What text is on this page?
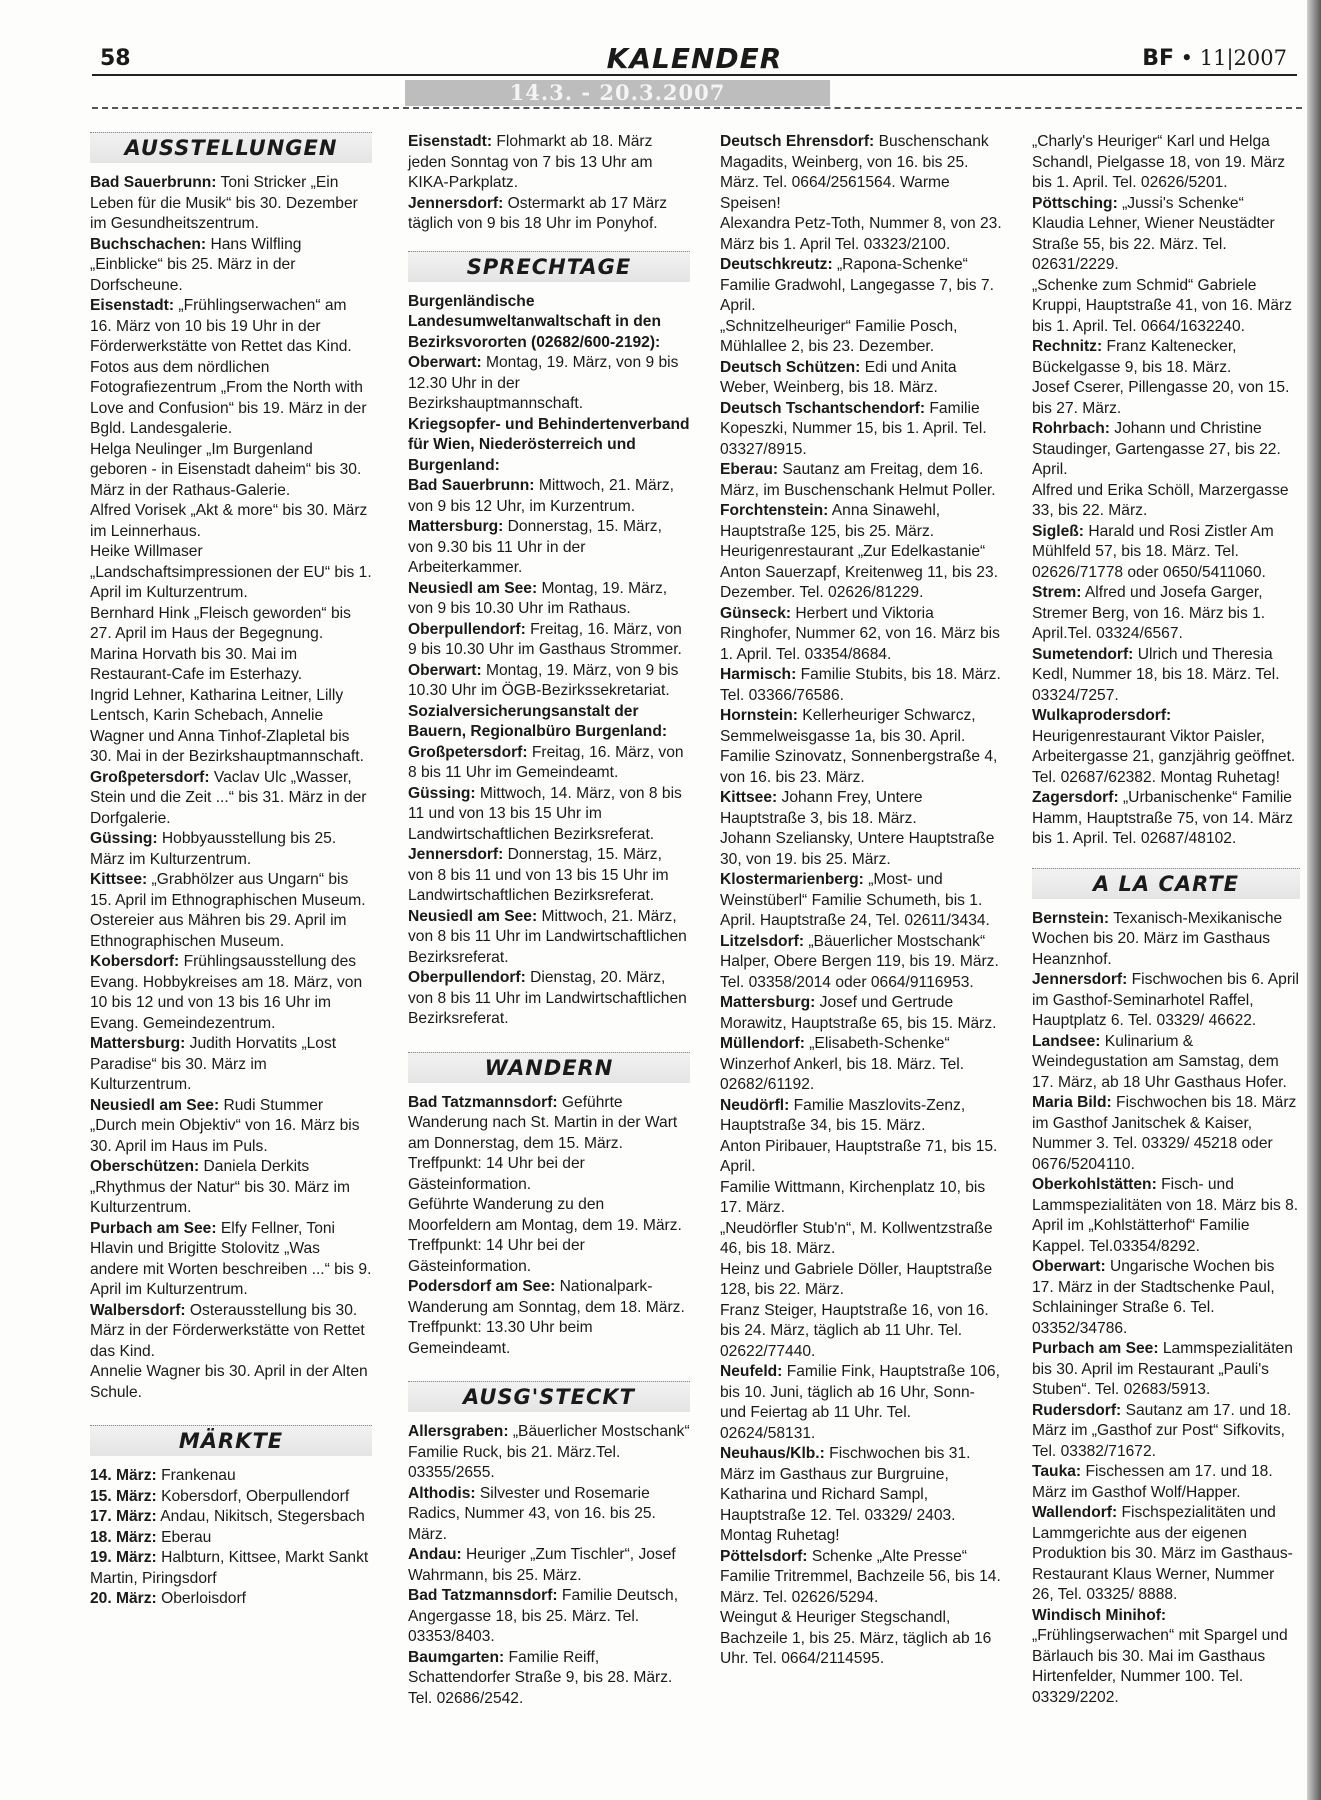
58	KALENDER	BF • 11|2007
14.3. - 20.3.2007
AUSSTELLUNGEN

Bad Sauerbrunn: Toni Stricker „Ein Leben für die Musik“ bis 30. Dezember im Gesundheitszentrum.

Buchschachen: Hans Wilfling „Einblicke“ bis 25. März in der Dorfscheune.

Eisenstadt: „Frühlingserwachen“ am 16. März von 10 bis 19 Uhr in der Förderwerkstätte von Rettet das Kind.

Fotos aus dem nördlichen Fotografiezentrum „From the North with Love and Confusion“ bis 19. März in der Bgld. Landesgalerie.

Helga Neulinger „Im Burgenland geboren - in Eisenstadt daheim“ bis 30. März in der Rathaus-Galerie.

Alfred Vorisek „Akt & more“ bis 30. März im Leinnerhaus.

Heike Willmaser „Landschaftsimpressionen der EU“ bis 1. April im Kulturzentrum.

Bernhard Hink „Fleisch geworden“ bis 27. April im Haus der Begegnung.

Marina Horvath bis 30. Mai im Restaurant-Cafe im Esterhazy.

Ingrid Lehner, Katharina Leitner, Lilly Lentsch, Karin Schebach, Annelie Wagner und Anna Tinhof-Zlapletal bis 30. Mai in der Bezirkshauptmannschaft.

Großpetersdorf: Vaclav Ulc „Wasser, Stein und die Zeit ...“ bis 31. März in der Dorfgalerie.

Güssing: Hobbyausstellung bis 25. März im Kulturzentrum.

Kittsee: „Grabhölzer aus Ungarn“ bis 15. April im Ethnographischen Museum.

Ostereier aus Mähren bis 29. April im Ethnographischen Museum.

Kobersdorf: Frühlingsausstellung des Evang. Hobbykreises am 18. März, von 10 bis 12 und von 13 bis 16 Uhr im Evang. Gemeindezentrum.

Mattersburg: Judith Horvatits „Lost Paradise“ bis 30. März im Kulturzentrum.

Neusiedl am See: Rudi Stummer „Durch mein Objektiv“ von 16. März bis 30. April im Haus im Puls.

Oberschützen: Daniela Derkits „Rhythmus der Natur“ bis 30. März im Kulturzentrum.

Purbach am See: Elfy Fellner, Toni Hlavin und Brigitte Stolovitz „Was andere mit Worten beschreiben ...“ bis 9. April im Kulturzentrum.

Walbersdorf: Osterausstellung bis 30. März in der Förderwerkstätte von Rettet das Kind.

Annelie Wagner bis 30. April in der Alten Schule.

MÄRKTE

14. März: Frankenau

15. März: Kobersdorf, Oberpullendorf

17. März: Andau, Nikitsch, Stegersbach

18. März: Eberau

19. März: Halbturn, Kittsee, Markt Sankt Martin, Piringsdorf

20. März: Oberloisdorf

Eisenstadt: Flohmarkt ab 18. März jeden Sonntag von 7 bis 13 Uhr am KIKA-Parkplatz.

Jennersdorf: Ostermarkt ab 17 März täglich von 9 bis 18 Uhr im Ponyhof.

SPRECHTAGE

Burgenländische Landesumweltanwaltschaft in den Bezirksvororten (02682/600-2192):

Oberwart: Montag, 19. März, von 9 bis 12.30 Uhr in der Bezirkshauptmannschaft.

Kriegsopfer- und Behindertenverband für Wien, Niederösterreich und Burgenland:

Bad Sauerbrunn: Mittwoch, 21. März, von 9 bis 12 Uhr, im Kurzentrum.

Mattersburg: Donnerstag, 15. März, von 9.30 bis 11 Uhr in der Arbeiterkammer.

Neusiedl am See: Montag, 19. März, von 9 bis 10.30 Uhr im Rathaus.

Oberpullendorf: Freitag, 16. März, von 9 bis 10.30 Uhr im Gasthaus Strommer.

Oberwart: Montag, 19. März, von 9 bis 10.30 Uhr im ÖGB-Bezirkssekretariat.

Sozialversicherungsanstalt der Bauern, Regionalbüro Burgenland:

Großpetersdorf: Freitag, 16. März, von 8 bis 11 Uhr im Gemeindeamt.

Güssing: Mittwoch, 14. März, von 8 bis 11 und von 13 bis 15 Uhr im Landwirtschaftlichen Bezirksreferat.

Jennersdorf: Donnerstag, 15. März, von 8 bis 11 und von 13 bis 15 Uhr im Landwirtschaftlichen Bezirksreferat.

Neusiedl am See: Mittwoch, 21. März, von 8 bis 11 Uhr im Landwirtschaftlichen Bezirksreferat.

Oberpullendorf: Dienstag, 20. März, von 8 bis 11 Uhr im Landwirtschaftlichen Bezirksreferat.

WANDERN

Bad Tatzmannsdorf: Geführte Wanderung nach St. Martin in der Wart am Donnerstag, dem 15. März. Treffpunkt: 14 Uhr bei der Gästeinformation.

Geführte Wanderung zu den Moorfeldern am Montag, dem 19. März. Treffpunkt: 14 Uhr bei der Gästeinformation.

Podersdorf am See: Nationalpark-Wanderung am Sonntag, dem 18. März. Treffpunkt: 13.30 Uhr beim Gemeindeamt.

AUSG'STECKT

Allersgraben: „Bäuerlicher Mostschank“ Familie Ruck, bis 21. März.Tel. 03355/2655.

Althodis: Silvester und Rosemarie Radics, Nummer 43, von 16. bis 25. März.

Andau: Heuriger „Zum Tischler“, Josef Wahrmann, bis 25. März.

Bad Tatzmannsdorf: Familie Deutsch, Angergasse 18, bis 25. März. Tel. 03353/8403.

Baumgarten: Familie Reiff, Schattendorfer Straße 9, bis 28. März. Tel. 02686/2542.

Deutsch Ehrensdorf: Buschenschank Magadits, Weinberg, von 16. bis 25. März. Tel. 0664/2561564. Warme Speisen!

Alexandra Petz-Toth, Nummer 8, von 23. März bis 1. April Tel. 03323/2100.

Deutschkreutz: „Rapona-Schenke“ Familie Gradwohl, Langegasse 7, bis 7. April.

„Schnitzelheuriger“ Familie Posch, Mühlallee 2, bis 23. Dezember.

Deutsch Schützen: Edi und Anita Weber, Weinberg, bis 18. März.

Deutsch Tschantschendorf: Familie Kopeszki, Nummer 15, bis 1. April. Tel. 03327/8915.

Eberau: Sautanz am Freitag, dem 16. März, im Buschenschank Helmut Poller.

Forchtenstein: Anna Sinawehl, Hauptstraße 125, bis 25. März.

Heurigenrestaurant „Zur Edelkastanie“ Anton Sauerzapf, Kreitenweg 11, bis 23. Dezember. Tel. 02626/81229.

Günseck: Herbert und Viktoria Ringhofer, Nummer 62, von 16. März bis 1. April. Tel. 03354/8684.

Harmisch: Familie Stubits, bis 18. März. Tel. 03366/76586.

Hornstein: Kellerheuriger Schwarcz, Semmelweisgasse 1a, bis 30. April.

Familie Szinovatz, Sonnenbergstraße 4, von 16. bis 23. März.

Kittsee: Johann Frey, Untere Hauptstraße 3, bis 18. März.

Johann Szeliansky, Untere Hauptstraße 30, von 19. bis 25. März.

Klostermarienberg: „Most- und Weinstüberl“ Familie Schumeth, bis 1. April. Hauptstraße 24, Tel. 02611/3434.

Litzelsdorf: „Bäuerlicher Mostschank“ Halper, Obere Bergen 119, bis 19. März. Tel. 03358/2014 oder 0664/9116953.

Mattersburg: Josef und Gertrude Morawitz, Hauptstraße 65, bis 15. März.

Müllendorf: „Elisabeth-Schenke“ Winzerhof Ankerl, bis 18. März. Tel. 02682/61192.

Neudörfl: Familie Maszlovits-Zenz, Hauptstraße 34, bis 15. März.

Anton Piribauer, Hauptstraße 71, bis 15. April.

Familie Wittmann, Kirchenplatz 10, bis 17. März.

„Neudörfler Stub'n“, M. Kollwentzstraße 46, bis 18. März.

Heinz und Gabriele Döller, Hauptstraße 128, bis 22. März.

Franz Steiger, Hauptstraße 16, von 16. bis 24. März, täglich ab 11 Uhr. Tel. 02622/77440.

Neufeld: Familie Fink, Hauptstraße 106, bis 10. Juni, täglich ab 16 Uhr, Sonn- und Feiertag ab 11 Uhr. Tel. 02624/58131.

Neuhaus/Klb.: Fischwochen bis 31. März im Gasthaus zur Burgruine, Katharina und Richard Sampl, Hauptstraße 12. Tel. 03329/ 2403. Montag Ruhetag!

Pöttelsdorf: Schenke „Alte Presse“ Familie Tritremmel, Bachzeile 56, bis 14. März. Tel. 02626/5294.

Weingut & Heuriger Stegschandl, Bachzeile 1, bis 25. März, täglich ab 16 Uhr. Tel. 0664/2114595.

„Charly's Heuriger“ Karl und Helga Schandl, Pielgasse 18, von 19. März bis 1. April. Tel. 02626/5201.

Pöttsching: „Jussi's Schenke“ Klaudia Lehner, Wiener Neustädter Straße 55, bis 22. März. Tel. 02631/2229.

„Schenke zum Schmid“ Gabriele Kruppi, Hauptstraße 41, von 16. März bis 1. April. Tel. 0664/1632240.

Rechnitz: Franz Kaltenecker, Bückelgasse 9, bis 18. März.

Josef Cserer, Pillengasse 20, von 15. bis 27. März.

Rohrbach: Johann und Christine Staudinger, Gartengasse 27, bis 22. April.

Alfred und Erika Schöll, Marzergasse 33, bis 22. März.

Sigleß: Harald und Rosi Zistler Am Mühlfeld 57, bis 18. März. Tel. 02626/71778 oder 0650/5411060.

Strem: Alfred und Josefa Garger, Stremer Berg, von 16. März bis 1. April.Tel. 03324/6567.

Sumetendorf: Ulrich und Theresia Kedl, Nummer 18, bis 18. März. Tel. 03324/7257.

Wulkaprodersdorf: Heurigenrestaurant Viktor Paisler, Arbeitergasse 21, ganzjährig geöffnet. Tel. 02687/62382. Montag Ruhetag!

Zagersdorf: „Urbanischenke“ Familie Hamm, Hauptstraße 75, von 14. März bis 1. April. Tel. 02687/48102.

A LA CARTE

Bernstein: Texanisch-Mexikanische Wochen bis 20. März im Gasthaus Heanznhof.

Jennersdorf: Fischwochen bis 6. April im Gasthof-Seminarhotel Raffel, Hauptplatz 6. Tel. 03329/ 46622.

Landsee: Kulinarium & Weindegustation am Samstag, dem 17. März, ab 18 Uhr Gasthaus Hofer.

Maria Bild: Fischwochen bis 18. März im Gasthof Janitschek & Kaiser, Nummer 3. Tel. 03329/ 45218 oder 0676/5204110.

Oberkohlstätten: Fisch- und Lammspezialitäten von 18. März bis 8. April im „Kohlstätterhof“ Familie Kappel. Tel.03354/8292.

Oberwart: Ungarische Wochen bis 17. März in der Stadtschenke Paul, Schlaininger Straße 6. Tel. 03352/34786.

Purbach am See: Lammspezialitäten bis 30. April im Restaurant „Pauli's Stuben“. Tel. 02683/5913.

Rudersdorf: Sautanz am 17. und 18. März im „Gasthof zur Post“ Sifkovits, Tel. 03382/71672.

Tauka: Fischessen am 17. und 18. März im Gasthof Wolf/Happer.

Wallendorf: Fischspezialitäten und Lammgerichte aus der eigenen Produktion bis 30. März im Gasthaus-Restaurant Klaus Werner, Nummer 26, Tel. 03325/ 8888.

Windisch Minihof: „Frühlingserwachen“ mit Spargel und Bärlauch bis 30. Mai im Gasthaus Hirtenfelder, Nummer 100. Tel. 03329/2202.
